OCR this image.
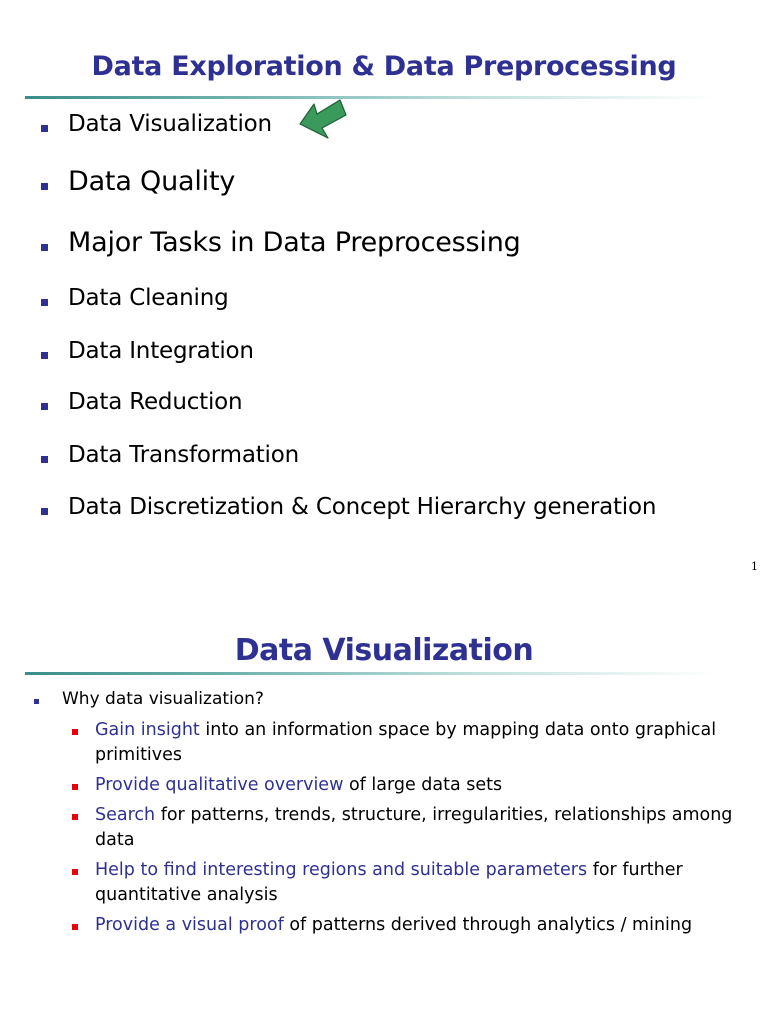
Data Exploration & Data Preprocessing
Data Visualization
Data Quality
Major Tasks in Data Preprocessing
Data Cleaning
Data Integration
Data Reduction
Data Transformation
Data Discretization & Concept Hierarchy generation
1
Data Visualization
Why data visualization?
Gain insight into an information space by mapping data onto graphical primitives
Provide qualitative overview of large data sets
Search for patterns, trends, structure, irregularities, relationships among data
Help to find interesting regions and suitable parameters for further quantitative analysis
Provide a visual proof of patterns derived through analytics / mining
